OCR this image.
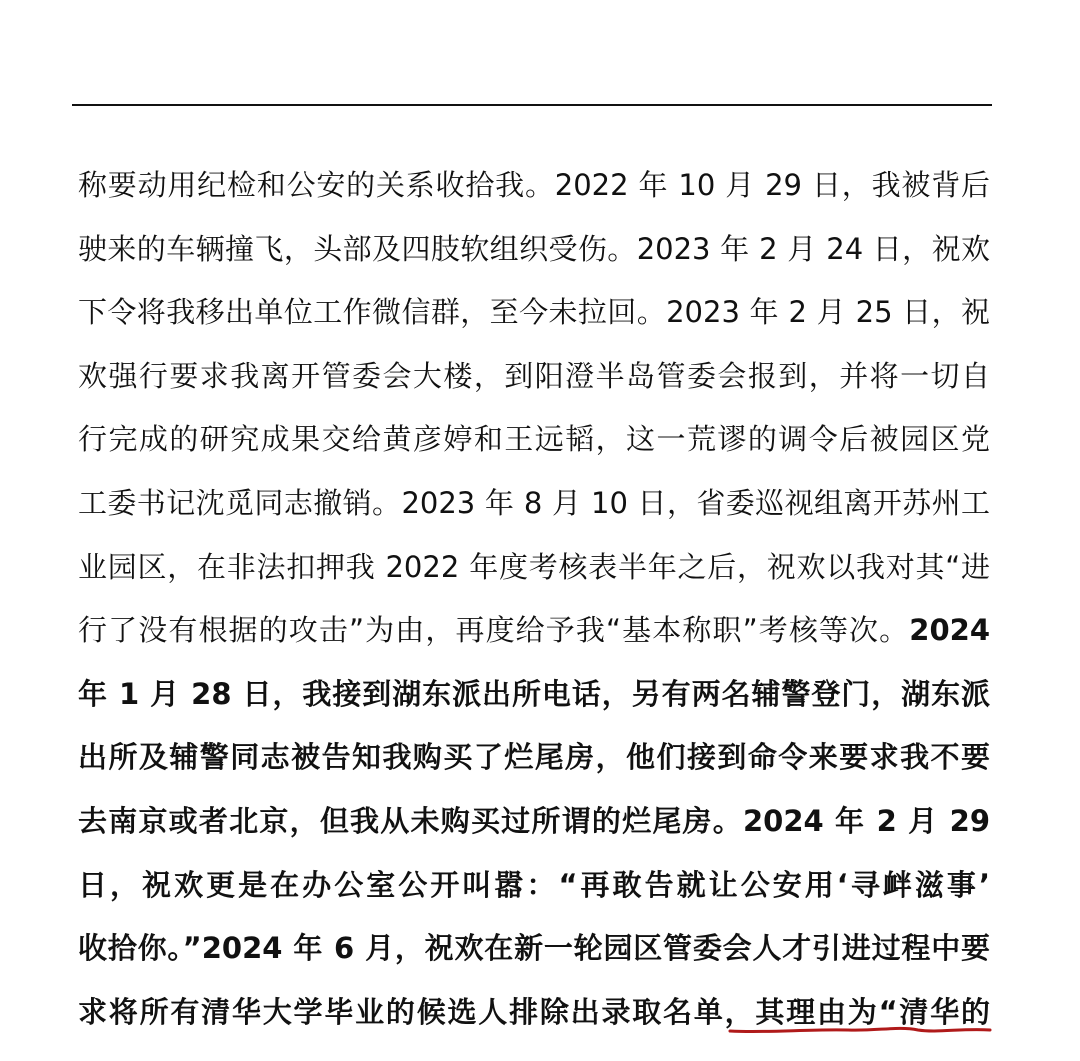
称要动用纪检和公安的关系收拾我。2022 年 10 月 29 日，我被背后
驶来的车辆撞飞，头部及四肢软组织受伤。2023 年 2 月 24 日，祝欢
下令将我移出单位工作微信群，至今未拉回。2023 年 2 月 25 日，祝
欢强行要求我离开管委会大楼，到阳澄半岛管委会报到，并将一切自
行完成的研究成果交给黄彦婷和王远韬，这一荒谬的调令后被园区党
工委书记沈觅同志撤销。2023 年 8 月 10 日，省委巡视组离开苏州工
业园区，在非法扣押我 2022 年度考核表半年之后，祝欢以我对其“进
行了没有根据的攻击”为由，再度给予我“基本称职”考核等次。2024
年 1 月 28 日，我接到湖东派出所电话，另有两名辅警登门，湖东派
出所及辅警同志被告知我购买了烂尾房，他们接到命令来要求我不要
去南京或者北京，但我从未购买过所谓的烂尾房。2024 年 2 月 29
日，祝欢更是在办公室公开叫嚣：“再敢告就让公安用‘寻衅滋事’
收拾你。”2024 年 6 月，祝欢在新一轮园区管委会人才引进过程中要
求将所有清华大学毕业的候选人排除出录取名单，其理由为“清华的
